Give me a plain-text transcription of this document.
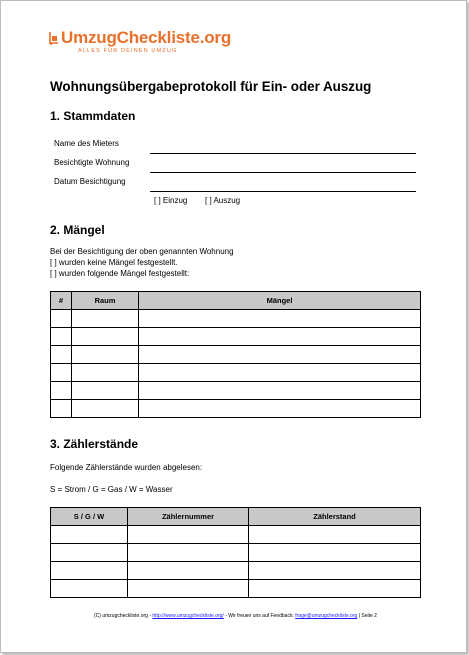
UmzugCheckliste.org
ALLES FÜR DEINEN UMZUG
Wohnungsübergabeprotokoll für Ein- oder Auszug
1. Stammdaten
Name des Mieters
Besichtigte Wohnung
Datum Besichtigung
[ ] Einzug [ ] Auszug
2. Mängel
Bei der Besichtigung der oben genannten Wohnung
[ ] wurden keine Mängel festgestellt.
[ ] wurden folgende Mängel festgestellt:
#	Raum	Mängel

3. Zählerstände
Folgende Zählerstände wurden abgelesen:
S = Strom / G = Gas / W = Wasser
S / G / W	Zählernummer	Zählerstand

(C) umzugcheckliste.org - http://www.umzugcheckliste.org/ - Wir freuen uns auf Feedback: frage@umzugcheckliste.org | Seite 2
